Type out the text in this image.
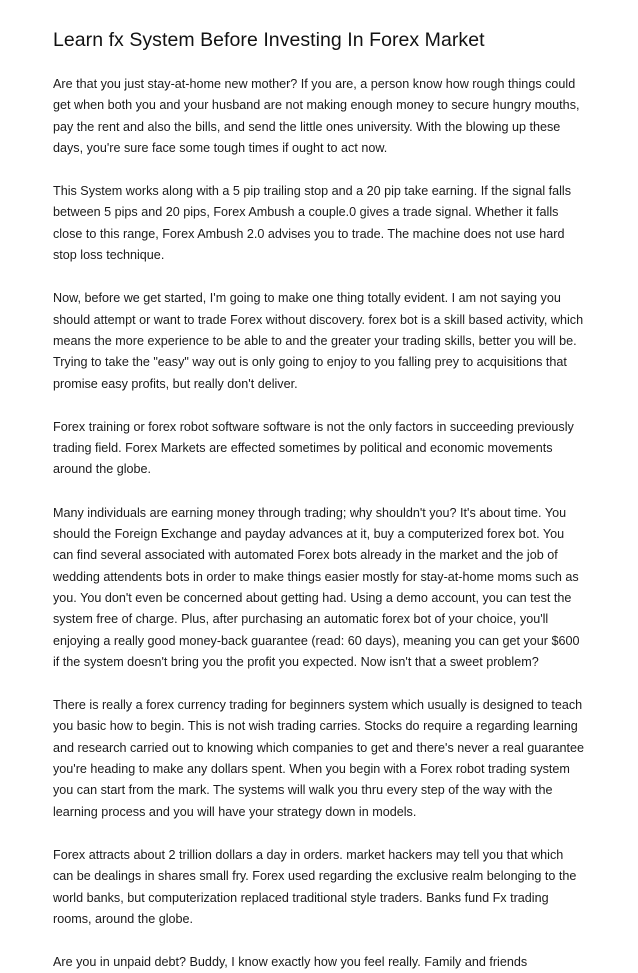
Learn fx System Before Investing In Forex Market

Are that you just stay-at-home new mother? If you are, a person know how rough things could get when both you and your husband are not making enough money to secure hungry mouths, pay the rent and also the bills, and send the little ones university. With the blowing up these days, you're sure face some tough times if ought to act now.

This System works along with a 5 pip trailing stop and a 20 pip take earning. If the signal falls between 5 pips and 20 pips, Forex Ambush a couple.0 gives a trade signal. Whether it falls close to this range, Forex Ambush 2.0 advises you to trade. The machine does not use hard stop loss technique.

Now, before we get started, I'm going to make one thing totally evident. I am not saying you should attempt or want to trade Forex without discovery. forex bot is a skill based activity, which means the more experience to be able to and the greater your trading skills, better you will be. Trying to take the "easy" way out is only going to enjoy to you falling prey to acquisitions that promise easy profits, but really don't deliver.

Forex training or forex robot software software is not the only factors in succeeding previously trading field. Forex Markets are effected sometimes by political and economic movements around the globe.

Many individuals are earning money through trading; why shouldn't you? It's about time. You should the Foreign Exchange and payday advances at it, buy a computerized forex bot. You can find several associated with automated Forex bots already in the market and the job of wedding attendents bots in order to make things easier mostly for stay-at-home moms such as you. You don't even be concerned about getting had. Using a demo account, you can test the system free of charge. Plus, after purchasing an automatic forex bot of your choice, you'll enjoying a really good money-back guarantee (read: 60 days), meaning you can get your $600 if the system doesn't bring you the profit you expected. Now isn't that a sweet problem?

There is really a forex currency trading for beginners system which usually is designed to teach you basic how to begin. This is not wish trading carries. Stocks do require a regarding learning and research carried out to knowing which companies to get and there's never a real guarantee you're heading to make any dollars spent. When you begin with a Forex robot trading system you can start from the mark. The systems will walk you thru every step of the way with the learning process and you will have your strategy down in models.

Forex attracts about 2 trillion dollars a day in orders. market hackers may tell you that which can be dealings in shares small fry. Forex used regarding the exclusive realm belonging to the world banks, but computerization replaced traditional style traders. Banks fund Fx trading rooms, around the globe.

Are you in unpaid debt? Buddy, I know exactly how you feel really. Family and friends
